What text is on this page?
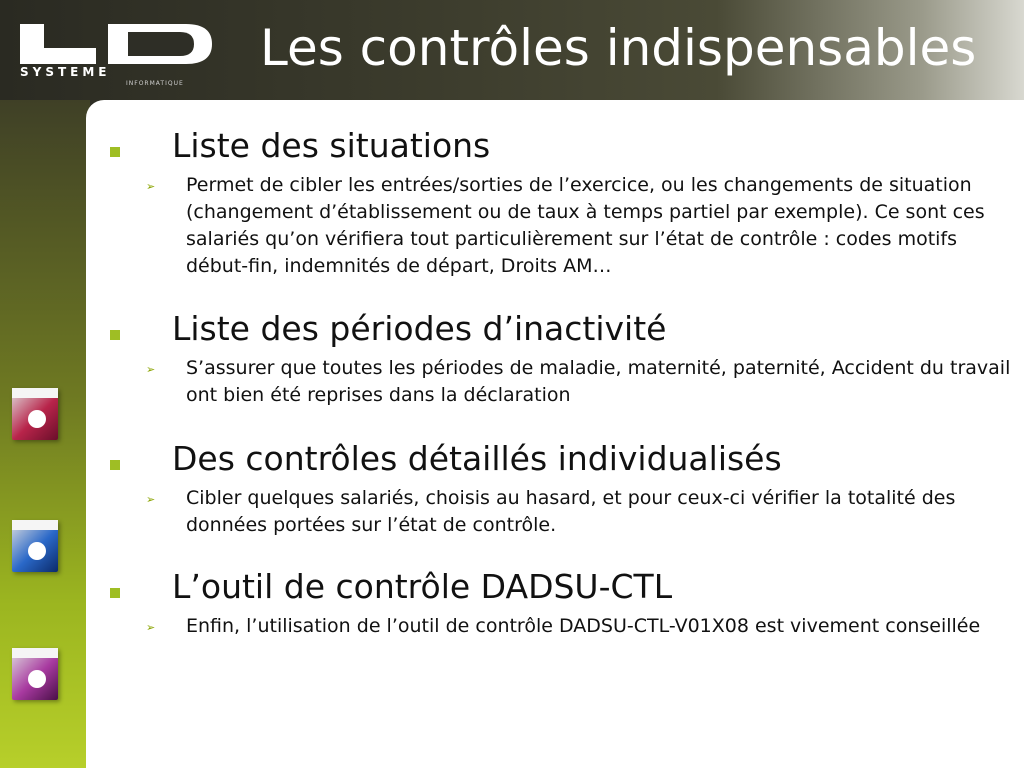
SYSTEME
INFORMATIQUE
Les contrôles indispensables
Liste des situations
➢ Permet de cibler les entrées/sorties de l’exercice, ou les changements de situation (changement d’établissement ou de taux à temps partiel par exemple). Ce sont ces salariés qu’on vérifiera tout particulièrement sur l’état de contrôle : codes motifs début-fin, indemnités de départ, Droits AM…
Liste des périodes d’inactivité
➢ S’assurer que toutes les périodes de maladie, maternité, paternité, Accident du travail ont bien été reprises dans la déclaration
Des contrôles détaillés individualisés
➢ Cibler quelques salariés, choisis au hasard, et pour ceux-ci vérifier la totalité des données portées sur l’état de contrôle.
L’outil de contrôle DADSU-CTL
➢ Enfin, l’utilisation de l’outil de contrôle DADSU-CTL-V01X08 est vivement conseillée
